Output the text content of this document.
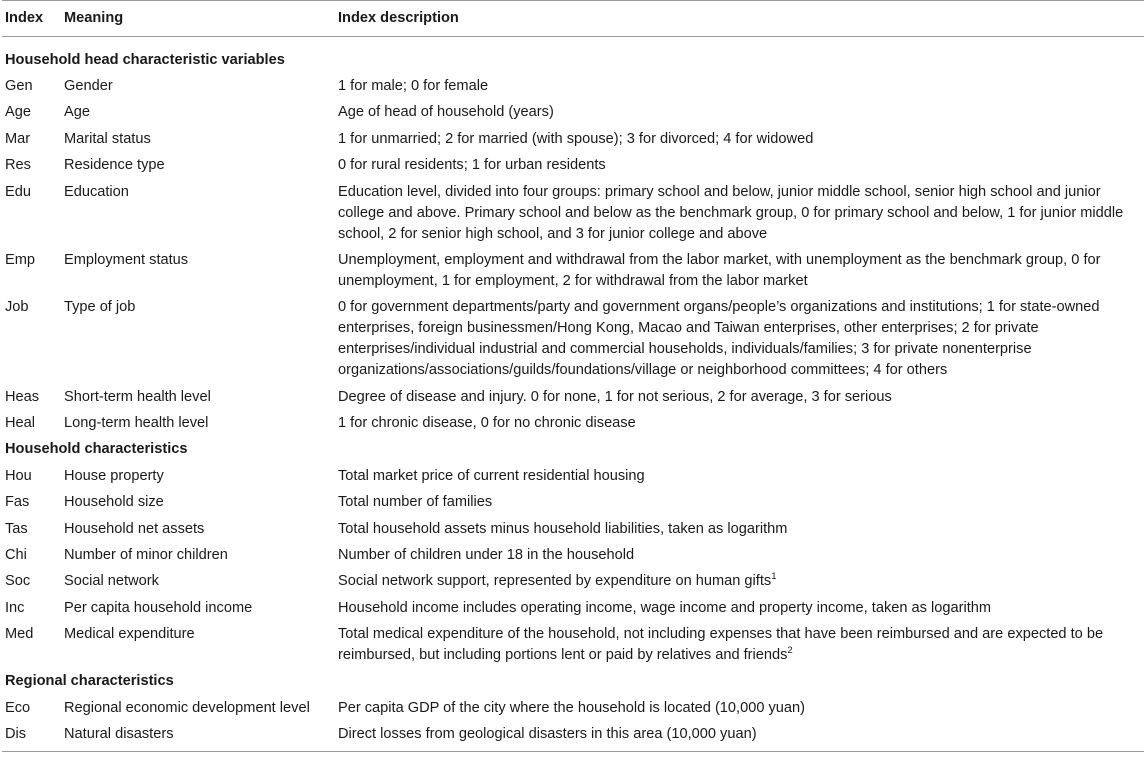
Index	Meaning	Index description
Household head characteristic variables
Gen	Gender	1 for male; 0 for female
Age	Age	Age of head of household (years)
Mar	Marital status	1 for unmarried; 2 for married (with spouse); 3 for divorced; 4 for widowed
Res	Residence type	0 for rural residents; 1 for urban residents
Edu	Education	Education level, divided into four groups: primary school and below, junior middle school, senior high school and junior college and above. Primary school and below as the benchmark group, 0 for primary school and below, 1 for junior middle school, 2 for senior high school, and 3 for junior college and above
Emp	Employment status	Unemployment, employment and withdrawal from the labor market, with unemployment as the benchmark group, 0 for unemployment, 1 for employment, 2 for withdrawal from the labor market
Job	Type of job	0 for government departments/party and government organs/people’s organizations and institutions; 1 for state-owned enterprises, foreign businessmen/Hong Kong, Macao and Taiwan enterprises, other enterprises; 2 for private enterprises/individual industrial and commercial households, individuals/families; 3 for private nonenterprise organizations/associations/guilds/foundations/village or neighborhood committees; 4 for others
Heas	Short-term health level	Degree of disease and injury. 0 for none, 1 for not serious, 2 for average, 3 for serious
Heal	Long-term health level	1 for chronic disease, 0 for no chronic disease
Household characteristics
Hou	House property	Total market price of current residential housing
Fas	Household size	Total number of families
Tas	Household net assets	Total household assets minus household liabilities, taken as logarithm
Chi	Number of minor children	Number of children under 18 in the household
Soc	Social network	Social network support, represented by expenditure on human gifts$^1$
Inc	Per capita household income	Household income includes operating income, wage income and property income, taken as logarithm
Med	Medical expenditure	Total medical expenditure of the household, not including expenses that have been reimbursed and are expected to be reimbursed, but including portions lent or paid by relatives and friends$^2$
Regional characteristics
Eco	Regional economic development level	Per capita GDP of the city where the household is located (10,000 yuan)
Dis	Natural disasters	Direct losses from geological disasters in this area (10,000 yuan)
